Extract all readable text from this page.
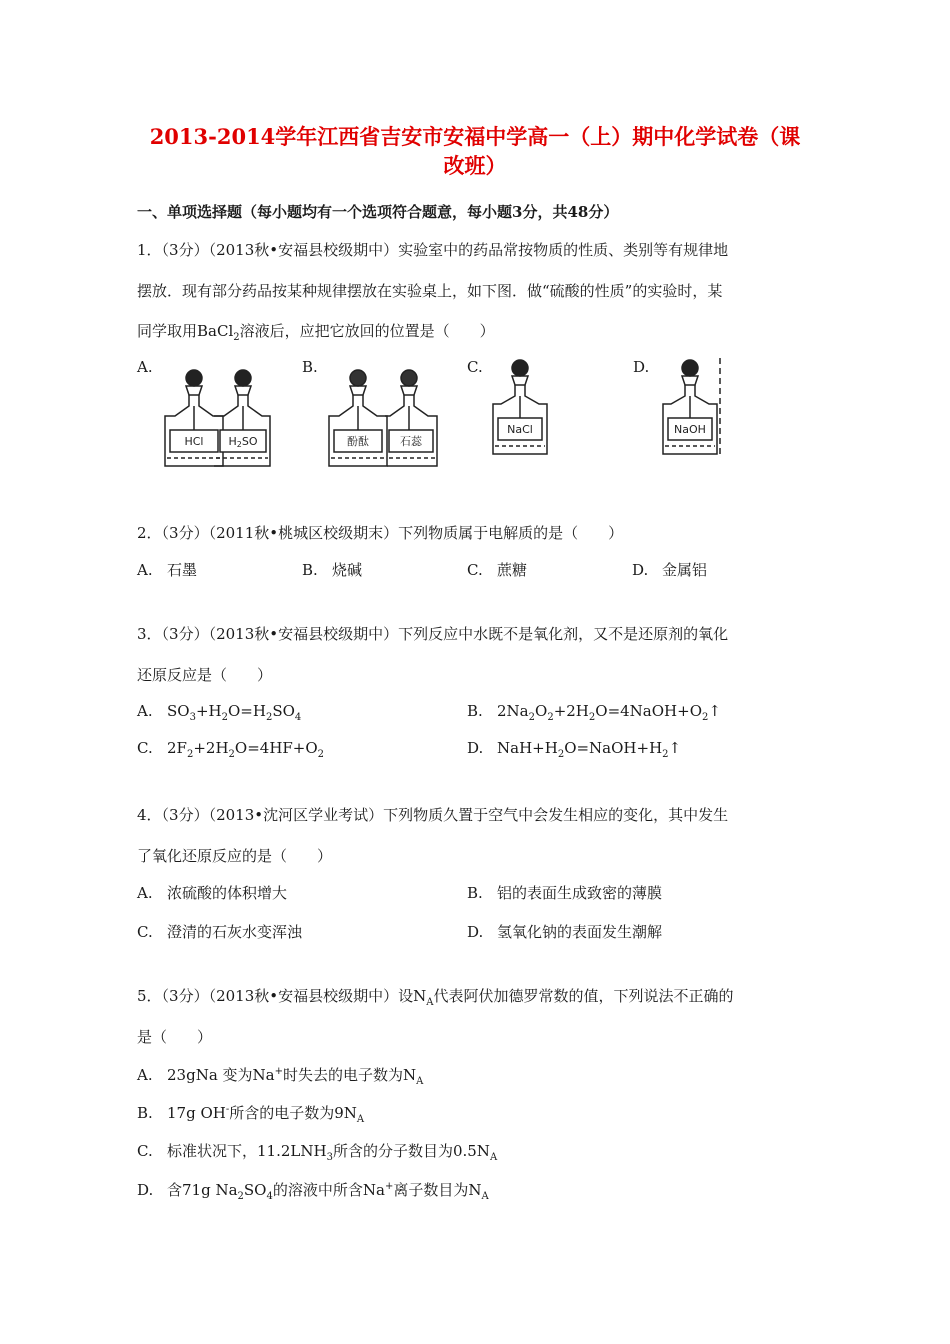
2013-2014学年江西省吉安市安福中学高一（上）期中化学试卷（课
改班）
一、单项选择题（每小题均有一个选项符合题意，每小题3分，共48分）
1．（3分）（2013秋•安福县校级期中）实验室中的药品常按物质的性质、类别等有规律地
摆放．现有部分药品按某种规律摆放在实验桌上，如下图．做“硫酸的性质”的实验时，某
同学取用BaCl$_2$溶液后，应把它放回的位置是（　　）
A.	B.	C.	D.
HCl H2SO	酚酞	石蕊
NaCl	NaOH
2．（3分）（2011秋•桃城区校级期末）下列物质属于电解质的是（　　）
A. 石墨	B. 烧碱	C. 蔗糖	D. 金属铝
3．（3分）（2013秋•安福县校级期中）下列反应中水既不是氧化剂，又不是还原剂的氧化
还原反应是（　　）
A. $SO_3+H_2O=H_2SO_4$	B. $2Na_2O_2+2H_2O=4NaOH+O_2↑$
C. $2F_2+2H_2O=4HF+O_2$	D. $NaH+H_2O=NaOH+H_2↑$
4．（3分）（2013•沈河区学业考试）下列物质久置于空气中会发生相应的变化，其中发生
了氧化还原反应的是（　　）
A. 浓硫酸的体积增大	B. 铝的表面生成致密的薄膜
C. 澄清的石灰水变浑浊	D. 氢氧化钠的表面发生潮解
5．（3分）（2013秋•安福县校级期中）设$N_A$代表阿伏加德罗常数的值，下列说法不正确的
是（　　）
A. 23gNa 变为Na+时失去的电子数为$N_A$
B. 17g OH-所含的电子数为$9N_A$
C. 标准状况下，$11.2LNH_3$所含的分子数目为$0.5N_A$
D. 含71g $Na_2SO_4$的溶液中所含Na+离子数目为$N_A$
